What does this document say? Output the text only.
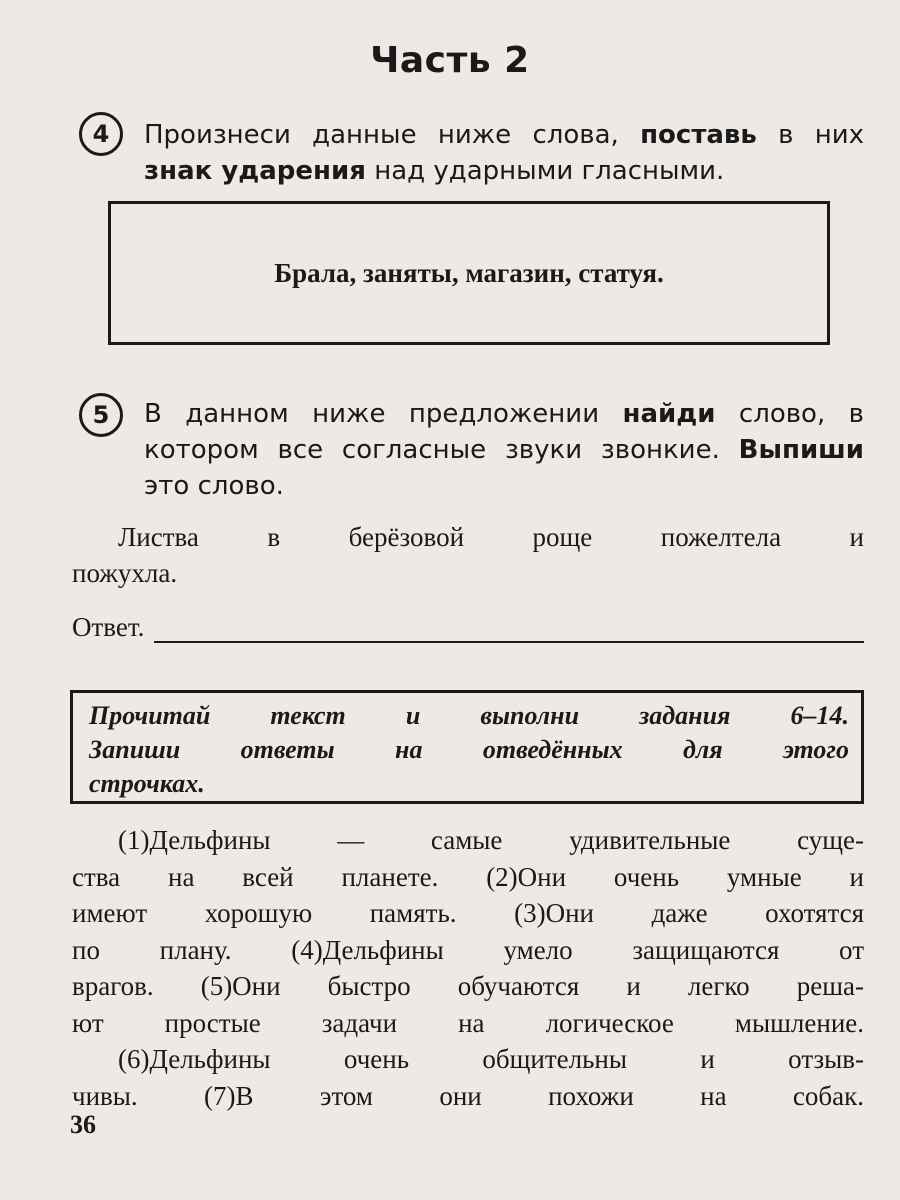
Часть 2
4	Произнеси данные ниже слова, поставь в них
знак ударения над ударными гласными.
Брала, заняты, магазин, статуя.
5	В данном ниже предложении найди слово, в
котором все согласные звуки звонкие. Выпиши
это слово.
Листва в берёзовой роще пожелтела и
пожухла.
Ответ.
Прочитай текст и выполни задания 6–14.
Запиши ответы на отведённых для этого
строчках.
(1)Дельфины — самые удивительные суще-
ства на всей планете. (2)Они очень умные и
имеют хорошую память. (3)Они даже охотятся
по плану. (4)Дельфины умело защищаются от
врагов. (5)Они быстро обучаются и легко реша-
ют простые задачи на логическое мышление.
(6)Дельфины очень общительны и отзыв-
чивы. (7)В этом они похожи на собак.
36
